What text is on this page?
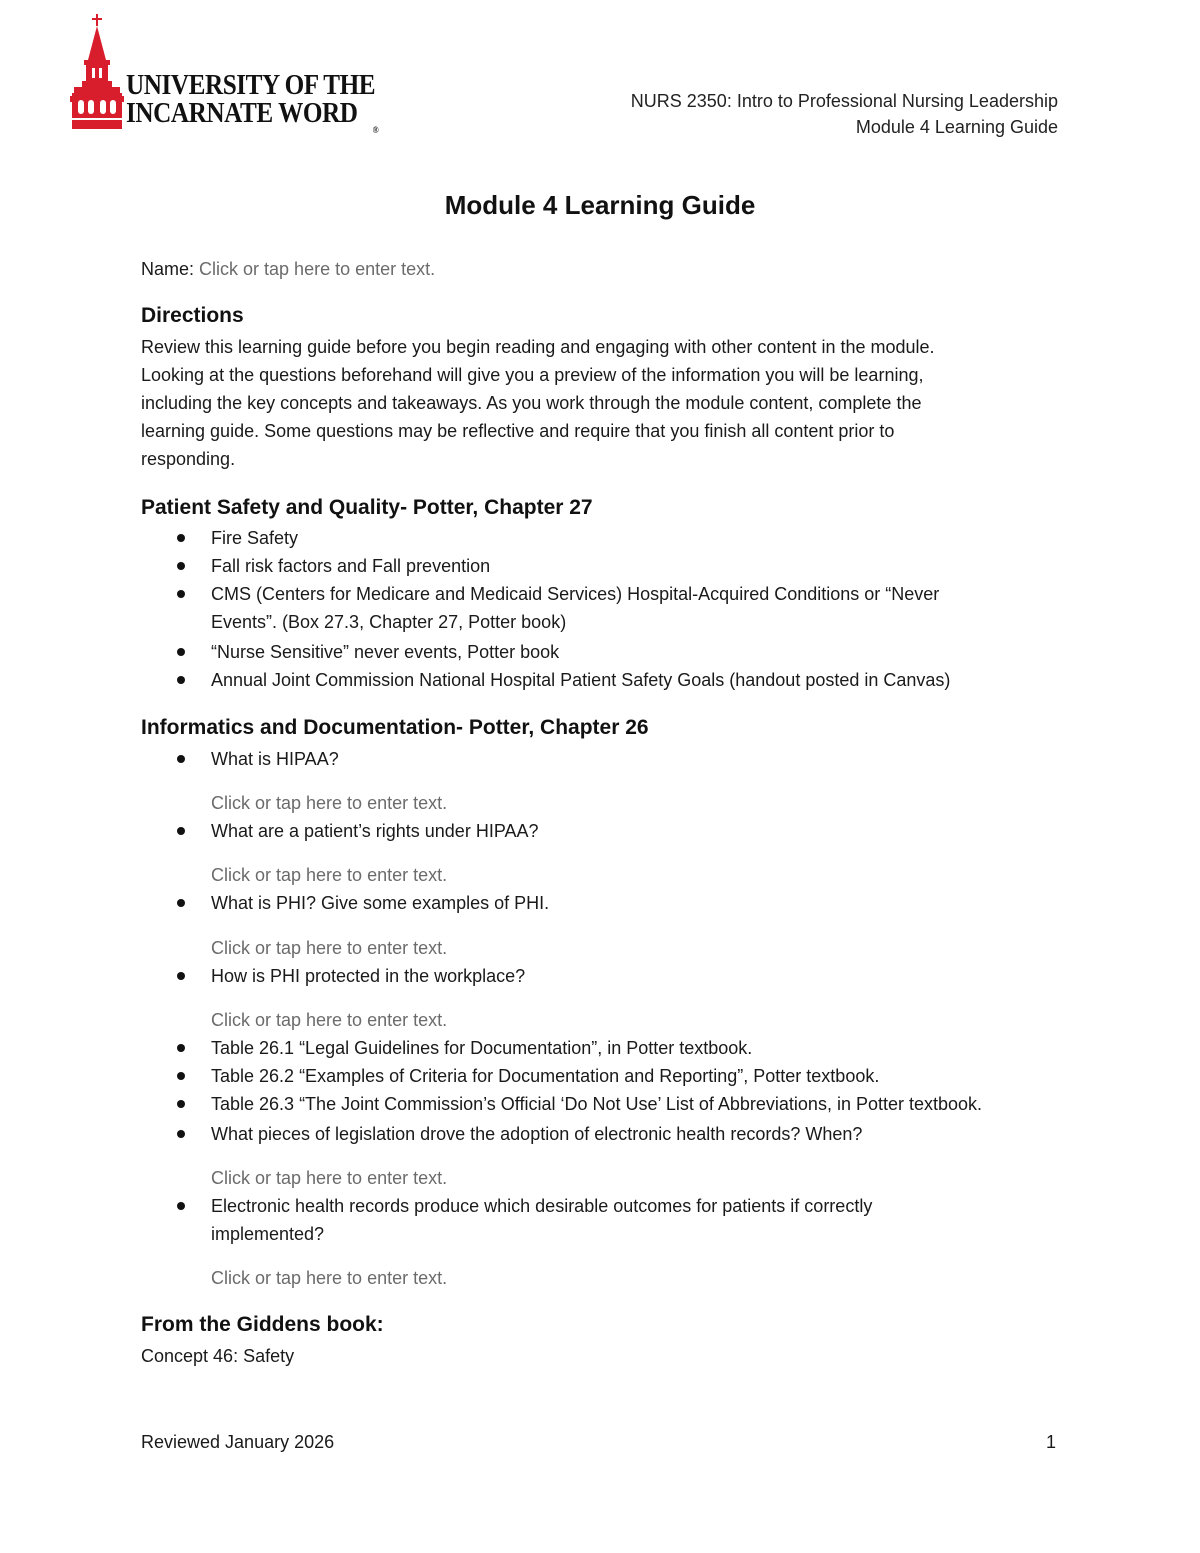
UNIVERSITY OF THE
INCARNATE WORD
®
NURS 2350: Intro to Professional Nursing Leadership
Module 4 Learning Guide
Module 4 Learning Guide
Name: Click or tap here to enter text.
Directions
Review this learning guide before you begin reading and engaging with other content in the module.
Looking at the questions beforehand will give you a preview of the information you will be learning,
including the key concepts and takeaways. As you work through the module content, complete the
learning guide. Some questions may be reflective and require that you finish all content prior to
responding.
Patient Safety and Quality- Potter, Chapter 27
Fire Safety
Fall risk factors and Fall prevention
CMS (Centers for Medicare and Medicaid Services) Hospital-Acquired Conditions or “Never
Events”. (Box 27.3, Chapter 27, Potter book)
“Nurse Sensitive” never events, Potter book
Annual Joint Commission National Hospital Patient Safety Goals (handout posted in Canvas)
Informatics and Documentation- Potter, Chapter 26
What is HIPAA?
Click or tap here to enter text.
What are a patient’s rights under HIPAA?
Click or tap here to enter text.
What is PHI? Give some examples of PHI.
Click or tap here to enter text.
How is PHI protected in the workplace?
Click or tap here to enter text.
Table 26.1 “Legal Guidelines for Documentation”, in Potter textbook.
Table 26.2 “Examples of Criteria for Documentation and Reporting”, Potter textbook.
Table 26.3 “The Joint Commission’s Official ‘Do Not Use’ List of Abbreviations, in Potter textbook.
What pieces of legislation drove the adoption of electronic health records? When?
Click or tap here to enter text.
Electronic health records produce which desirable outcomes for patients if correctly
implemented?
Click or tap here to enter text.
From the Giddens book:
Concept 46: Safety
Reviewed January 2026	1
